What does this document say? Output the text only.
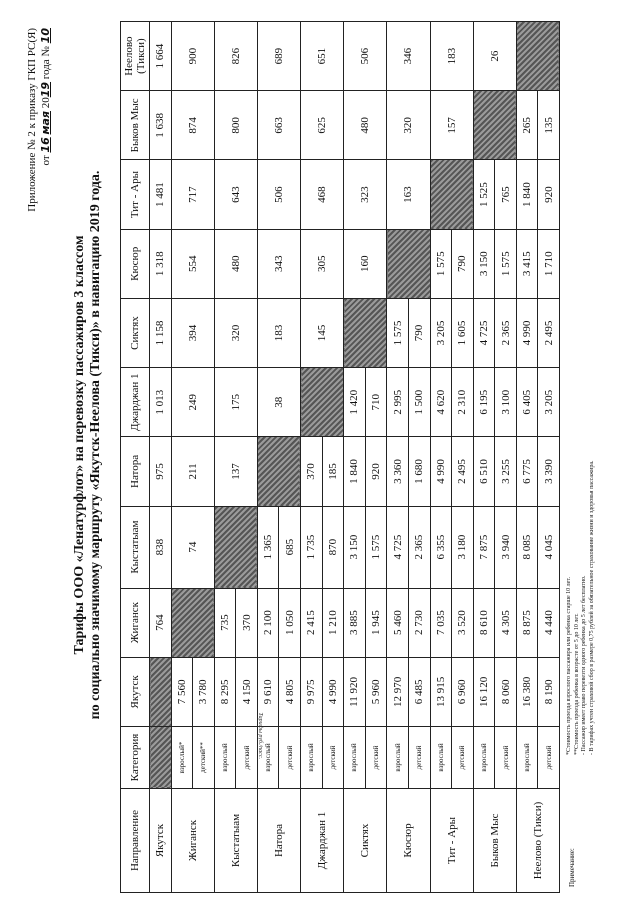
Приложение № 2 к приказу ГКП РС(Я) от 16 мая 2019 года № 10
Тарифы ООО «Ленатурфлот» на перевозку пассажиров 3 классом по социально значимому маршруту «Якутск-Неелова (Тикси)» в навигацию 2019 года.
Направление	Категория	Якутск	Жиганск	Кыстатыам	Натора	Джарджан 1	Сиктях	Кюсюр	Тит - Ары	Быков Мыс	Неелово (Тикси)
Якутск			764	838	975	1 013	1 158	1 318	1 481	1 638	1 664
Жиганск	взрослый*	7 560		74	211	249	394	554	717	874	900
	детский**	3 780									
Кыстатыам	взрослый	8 295	735		137	175	320	480	643	800	826
	детский	4 150	370								
Натора	взрослый	9 610	2 100	1 365		38	183	343	506	663	689
	детский	4 805	1 050	685							
Джарджан 1	взрослый	9 975	2 415	1 735	370		145	305	468	625	651
	детский	4 990	1 210	870	185						
Сиктях	взрослый	11 920	3 885	3 150	1 840	1 420		160	323	480	506
	детский	5 960	1 945	1 575	920	710					
Кюсюр	взрослый	12 970	5 460	4 725	3 360	2 995	1 575		163	320	346
	детский	6 485	2 730	2 365	1 680	1 500	790				
Тит - Ары	взрослый	13 915	7 035	6 355	4 990	4 620	3 205	1 575		157	183
	детский	6 960	3 520	3 180	2 495	2 310	1 605	790			
Быков Мыс	взрослый	16 120	8 610	7 875	6 510	6 195	4 725	3 150	1 525		26
	детский	8 060	4 305	3 940	3 255	3 100	2 365	1 575	765		
Неелово (Тикси)	взрослый	16 380	8 875	8 085	6 775	6 405	4 990	3 415	1 840	265	
	детский	8 190	4 440	4 045	3 390	3 205	2 495	1 710	920	135	
Тарифы руб./пасс.
Примечание:
*Стоимость проезда взрослого пассажира или ребенка старше 10 лет. **Стоимость проезда ребенка в возрасте от 5 до 10 лет. - Пассажир имеет право перевезти одного ребенка до 5 лет бесплатно. - В тарифах учтен страховой сбор в размере 0,75 рублей за обязательное страхование жизни и здоровья пассажира.
